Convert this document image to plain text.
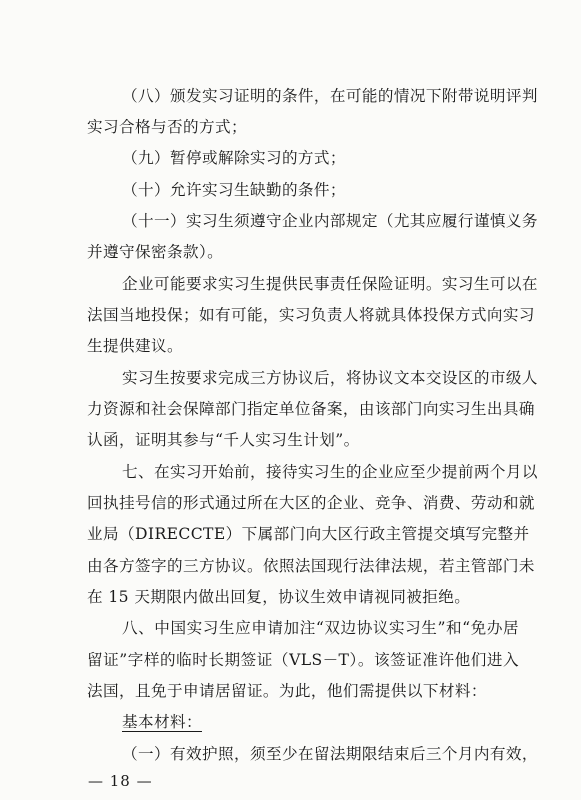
（八）颁发实习证明的条件，在可能的情况下附带说明评判
实习合格与否的方式；
（九）暂停或解除实习的方式；
（十）允许实习生缺勤的条件；
（十一）实习生须遵守企业内部规定（尤其应履行谨慎义务
并遵守保密条款）。
企业可能要求实习生提供民事责任保险证明。实习生可以在
法国当地投保；如有可能，实习负责人将就具体投保方式向实习
生提供建议。
实习生按要求完成三方协议后，将协议文本交设区的市级人
力资源和社会保障部门指定单位备案，由该部门向实习生出具确
认函，证明其参与“千人实习生计划”。
七、在实习开始前，接待实习生的企业应至少提前两个月以
回执挂号信的形式通过所在大区的企业、竞争、消费、劳动和就
业局（DIRECCTE）下属部门向大区行政主管提交填写完整并
由各方签字的三方协议。依照法国现行法律法规，若主管部门未
在 15 天期限内做出回复，协议生效申请视同被拒绝。
八、中国实习生应申请加注“双边协议实习生”和“免办居
留证”字样的临时长期签证（VLS－T）。该签证准许他们进入
法国，且免于申请居留证。为此，他们需提供以下材料：
基本材料：
（一）有效护照，须至少在留法期限结束后三个月内有效，
— 18 —
